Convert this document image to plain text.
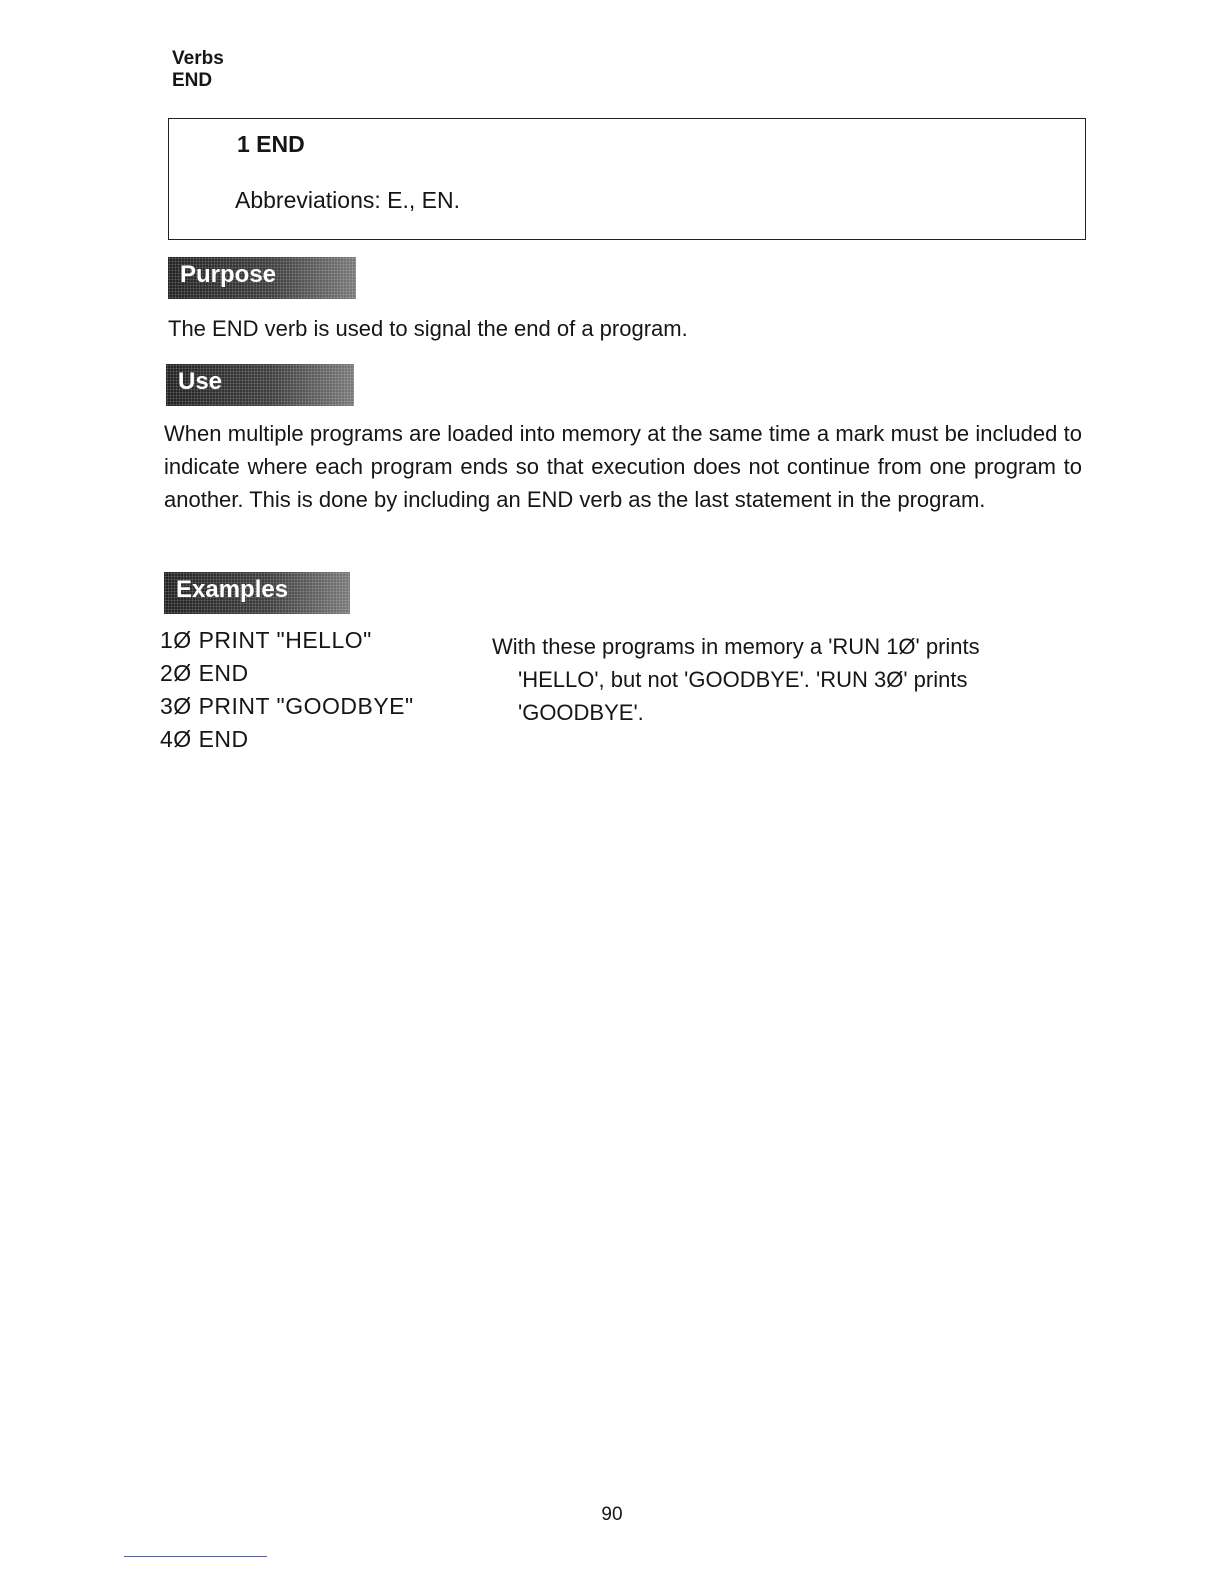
Verbs
END
1 END
Abbreviations: E., EN.
Purpose
The END verb is used to signal the end of a program.
Use
When multiple programs are loaded into memory at the same time a mark must be included to indicate where each program ends so that execution does not continue from one program to another. This is done by including an END verb as the last statement in the program.
Examples
1Ø PRINT "HELLO"
2Ø END
3Ø PRINT "GOODBYE"
4Ø END
With these programs in memory a 'RUN 1Ø' prints
'HELLO', but not 'GOODBYE'. 'RUN 3Ø' prints
'GOODBYE'.
90
